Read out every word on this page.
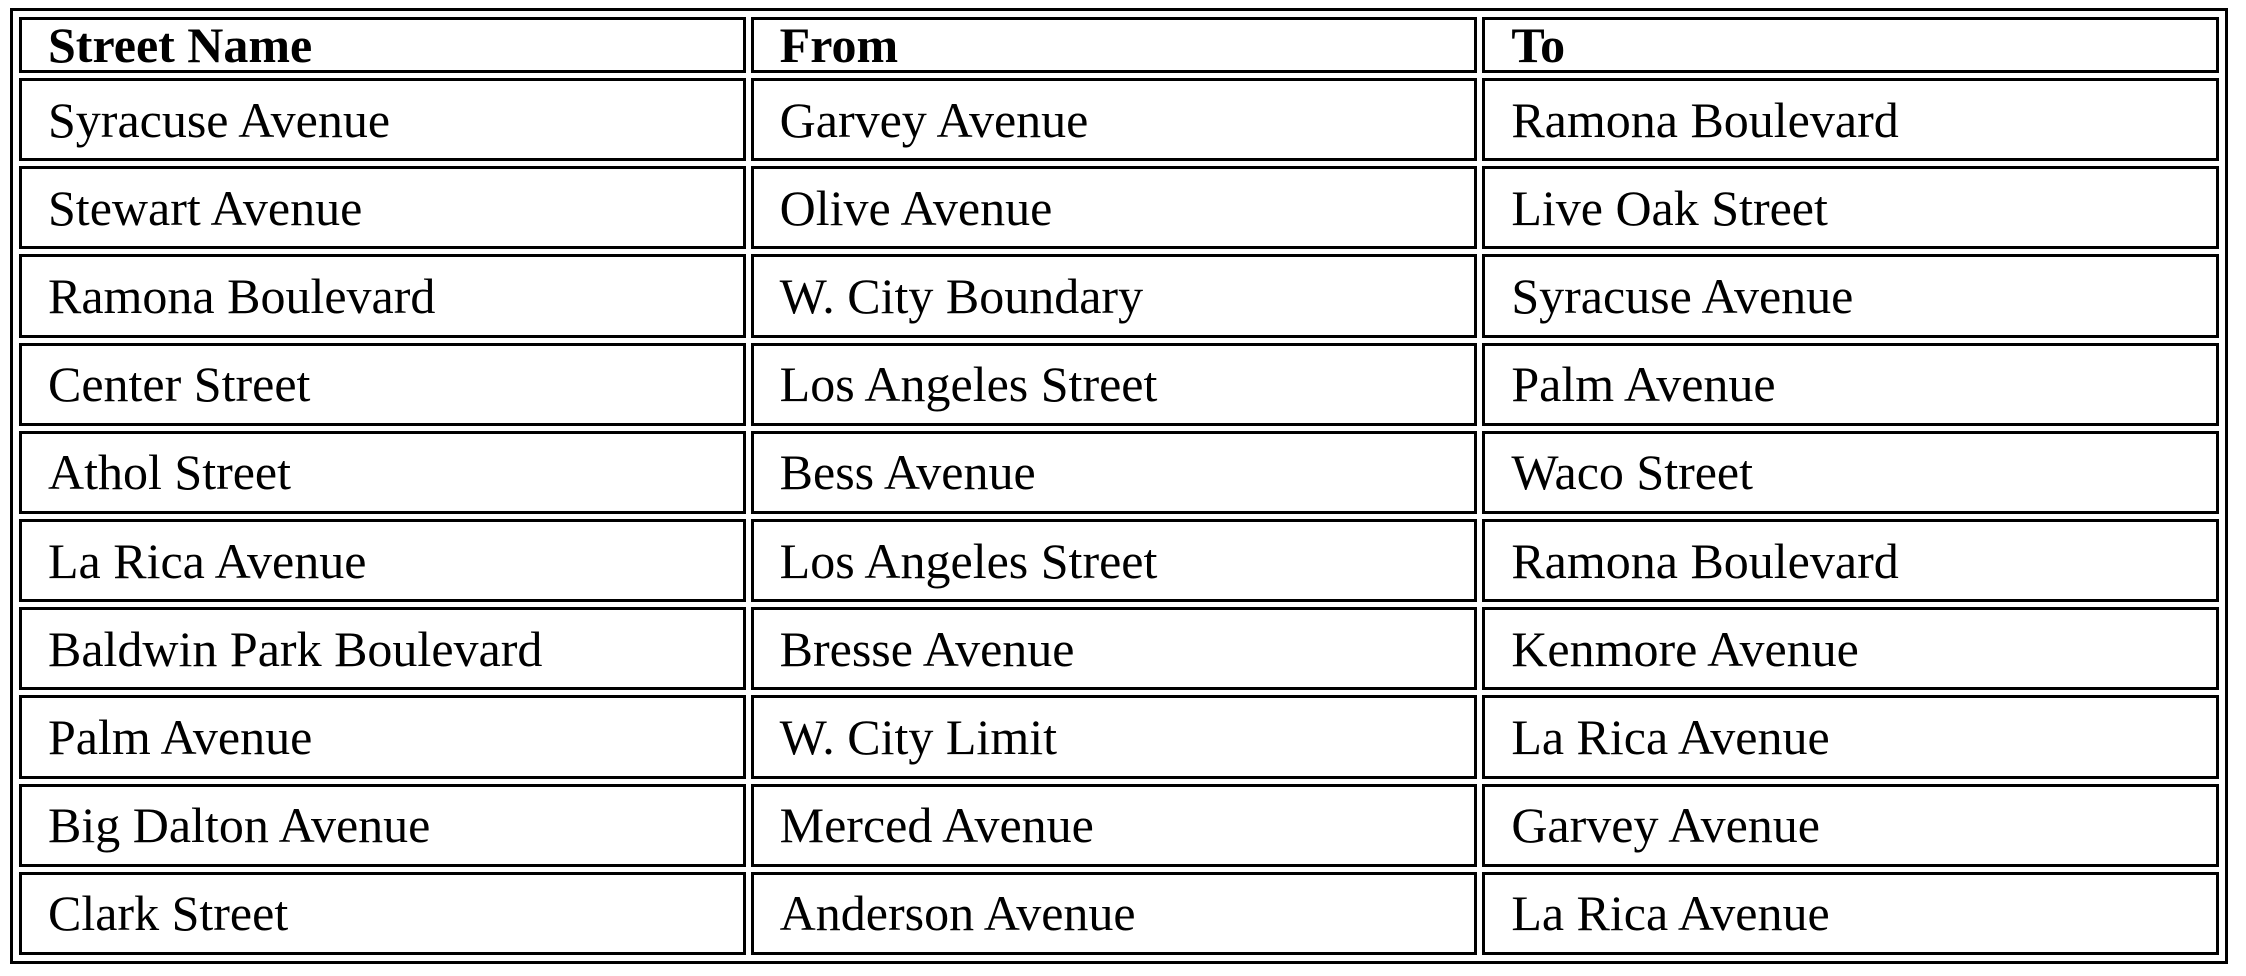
Street Name	From	To
Syracuse Avenue	Garvey Avenue	Ramona Boulevard
Stewart Avenue	Olive Avenue	Live Oak Street
Ramona Boulevard	W. City Boundary	Syracuse Avenue
Center Street	Los Angeles Street	Palm Avenue
Athol Street	Bess Avenue	Waco Street
La Rica Avenue	Los Angeles Street	Ramona Boulevard
Baldwin Park Boulevard	Bresse Avenue	Kenmore Avenue
Palm Avenue	W. City Limit	La Rica Avenue
Big Dalton Avenue	Merced Avenue	Garvey Avenue
Clark Street	Anderson Avenue	La Rica Avenue
